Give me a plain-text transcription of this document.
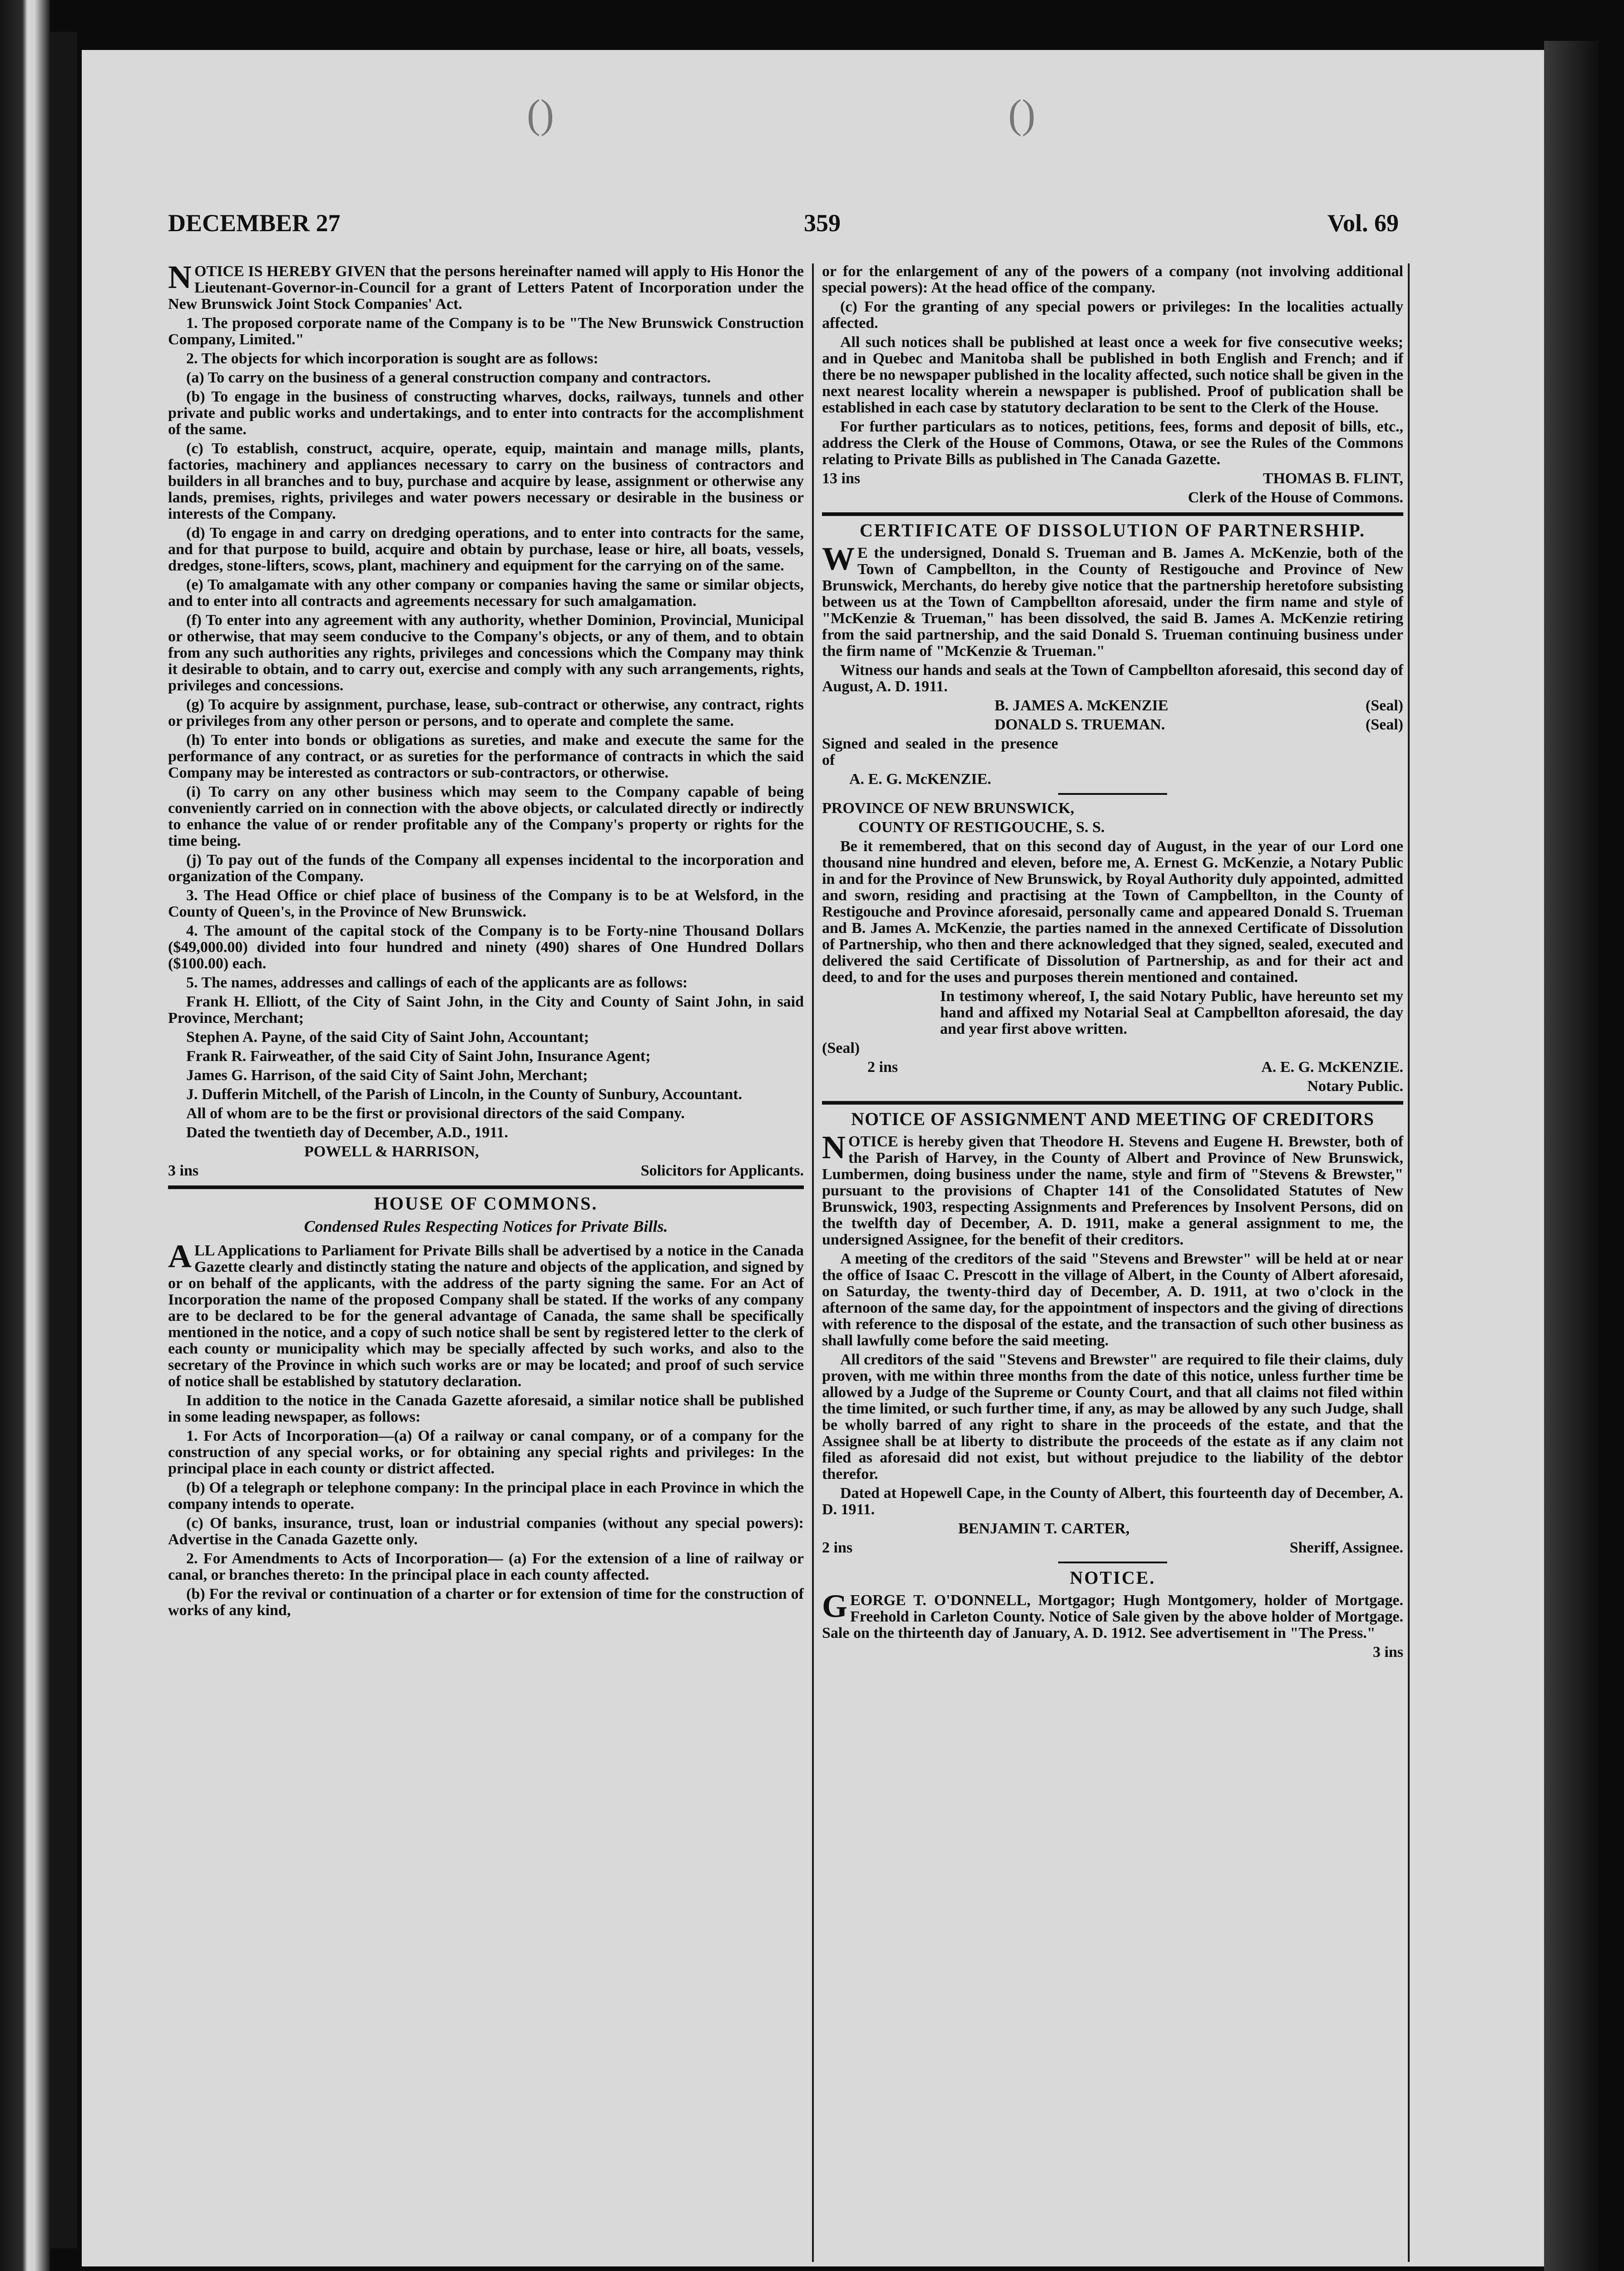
()	()
DECEMBER 27	359	Vol. 69

NOTICE IS HEREBY GIVEN that the persons hereinafter named will apply to His Honor the Lieutenant-Governor-in-Council for a grant of Letters Patent of Incorporation under the New Brunswick Joint Stock Companies' Act.

1. The proposed corporate name of the Company is to be "The New Brunswick Construction Company, Limited."

2. The objects for which incorporation is sought are as follows:

(a) To carry on the business of a general construction company and contractors.

(b) To engage in the business of constructing wharves, docks, railways, tunnels and other private and public works and undertakings, and to enter into contracts for the accomplishment of the same.

(c) To establish, construct, acquire, operate, equip, maintain and manage mills, plants, factories, machinery and appliances necessary to carry on the business of contractors and builders in all branches and to buy, purchase and acquire by lease, assignment or otherwise any lands, premises, rights, privileges and water powers necessary or desirable in the business or interests of the Company.

(d) To engage in and carry on dredging operations, and to enter into contracts for the same, and for that purpose to build, acquire and obtain by purchase, lease or hire, all boats, vessels, dredges, stone-lifters, scows, plant, machinery and equipment for the carrying on of the same.

(e) To amalgamate with any other company or companies having the same or similar objects, and to enter into all contracts and agreements necessary for such amalgamation.

(f) To enter into any agreement with any authority, whether Dominion, Provincial, Municipal or otherwise, that may seem conducive to the Company's objects, or any of them, and to obtain from any such authorities any rights, privileges and concessions which the Company may think it desirable to obtain, and to carry out, exercise and comply with any such arrangements, rights, privileges and concessions.

(g) To acquire by assignment, purchase, lease, sub-contract or otherwise, any contract, rights or privileges from any other person or persons, and to operate and complete the same.

(h) To enter into bonds or obligations as sureties, and make and execute the same for the performance of any contract, or as sureties for the performance of contracts in which the said Company may be interested as contractors or sub-contractors, or otherwise.

(i) To carry on any other business which may seem to the Company capable of being conveniently carried on in connection with the above objects, or calculated directly or indirectly to enhance the value of or render profitable any of the Company's property or rights for the time being.

(j) To pay out of the funds of the Company all expenses incidental to the incorporation and organization of the Company.

3. The Head Office or chief place of business of the Company is to be at Welsford, in the County of Queen's, in the Province of New Brunswick.

4. The amount of the capital stock of the Company is to be Forty-nine Thousand Dollars ($49,000.00) divided into four hundred and ninety (490) shares of One Hundred Dollars ($100.00) each.

5. The names, addresses and callings of each of the applicants are as follows:

Frank H. Elliott, of the City of Saint John, in the City and County of Saint John, in said Province, Merchant;

Stephen A. Payne, of the said City of Saint John, Accountant;

Frank R. Fairweather, of the said City of Saint John, Insurance Agent;

James G. Harrison, of the said City of Saint John, Merchant;

J. Dufferin Mitchell, of the Parish of Lincoln, in the County of Sunbury, Accountant.

All of whom are to be the first or provisional directors of the said Company.

Dated the twentieth day of December, A.D., 1911.

POWELL & HARRISON,

3 ins	Solicitors for Applicants.

HOUSE OF COMMONS.

Condensed Rules Respecting Notices for Private Bills.

ALL Applications to Parliament for Private Bills shall be advertised by a notice in the Canada Gazette clearly and distinctly stating the nature and objects of the application, and signed by or on behalf of the applicants, with the address of the party signing the same. For an Act of Incorporation the name of the proposed Company shall be stated. If the works of any company are to be declared to be for the general advantage of Canada, the same shall be specifically mentioned in the notice, and a copy of such notice shall be sent by registered letter to the clerk of each county or municipality which may be specially affected by such works, and also to the secretary of the Province in which such works are or may be located; and proof of such service of notice shall be established by statutory declaration.

In addition to the notice in the Canada Gazette aforesaid, a similar notice shall be published in some leading newspaper, as follows:

1. For Acts of Incorporation—(a) Of a railway or canal company, or of a company for the construction of any special works, or for obtaining any special rights and privileges: In the principal place in each county or district affected.

(b) Of a telegraph or telephone company: In the principal place in each Province in which the company intends to operate.

(c) Of banks, insurance, trust, loan or industrial companies (without any special powers): Advertise in the Canada Gazette only.

2. For Amendments to Acts of Incorporation— (a) For the extension of a line of railway or canal, or branches thereto: In the principal place in each county affected.

(b) For the revival or continuation of a charter or for extension of time for the construction of works of any kind,

or for the enlargement of any of the powers of a company (not involving additional special powers): At the head office of the company.

(c) For the granting of any special powers or privileges: In the localities actually affected.

All such notices shall be published at least once a week for five consecutive weeks; and in Quebec and Manitoba shall be published in both English and French; and if there be no newspaper published in the locality affected, such notice shall be given in the next nearest locality wherein a newspaper is published. Proof of publication shall be established in each case by statutory declaration to be sent to the Clerk of the House.

For further particulars as to notices, petitions, fees, forms and deposit of bills, etc., address the Clerk of the House of Commons, Otawa, or see the Rules of the Commons relating to Private Bills as published in The Canada Gazette.

13 ins	THOMAS B. FLINT,

Clerk of the House of Commons.

CERTIFICATE OF DISSOLUTION OF PARTNERSHIP.

W E the undersigned, Donald S. Trueman and B. James A. McKenzie, both of the Town of Campbellton, in the County of Restigouche and Province of New Brunswick, Merchants, do hereby give notice that the partnership heretofore subsisting between us at the Town of Campbellton aforesaid, under the firm name and style of "McKenzie & Trueman," has been dissolved, the said B. James A. McKenzie retiring from the said partnership, and the said Donald S. Trueman continuing business under the firm name of "McKenzie & Trueman."

Witness our hands and seals at the Town of Campbellton aforesaid, this second day of August, A. D. 1911.

B. JAMES A. McKENZIE	(Seal)

DONALD S. TRUEMAN.	(Seal)

Signed and sealed in the presence of

A. E. G. McKENZIE.

PROVINCE OF NEW BRUNSWICK,

COUNTY OF RESTIGOUCHE, S. S.

Be it remembered, that on this second day of August, in the year of our Lord one thousand nine hundred and eleven, before me, A. Ernest G. McKenzie, a Notary Public in and for the Province of New Brunswick, by Royal Authority duly appointed, admitted and sworn, residing and practising at the Town of Campbellton, in the County of Restigouche and Province aforesaid, personally came and appeared Donald S. Trueman and B. James A. McKenzie, the parties named in the annexed Certificate of Dissolution of Partnership, who then and there acknowledged that they signed, sealed, executed and delivered the said Certificate of Dissolution of Partnership, as and for their act and deed, to and for the uses and purposes therein mentioned and contained.

In testimony whereof, I, the said Notary Public, have hereunto set my hand and affixed my Notarial Seal at Campbellton aforesaid, the day and year first above written.

(Seal)

2 ins	A. E. G. McKENZIE.

Notary Public.

NOTICE OF ASSIGNMENT AND MEETING OF CREDITORS

NOTICE is hereby given that Theodore H. Stevens and Eugene H. Brewster, both of the Parish of Harvey, in the County of Albert and Province of New Brunswick, Lumbermen, doing business under the name, style and firm of "Stevens & Brewster," pursuant to the provisions of Chapter 141 of the Consolidated Statutes of New Brunswick, 1903, respecting Assignments and Preferences by Insolvent Persons, did on the twelfth day of December, A. D. 1911, make a general assignment to me, the undersigned Assignee, for the benefit of their creditors.

A meeting of the creditors of the said "Stevens and Brewster" will be held at or near the office of Isaac C. Prescott in the village of Albert, in the County of Albert aforesaid, on Saturday, the twenty-third day of December, A. D. 1911, at two o'clock in the afternoon of the same day, for the appointment of inspectors and the giving of directions with reference to the disposal of the estate, and the transaction of such other business as shall lawfully come before the said meeting.

All creditors of the said "Stevens and Brewster" are required to file their claims, duly proven, with me within three months from the date of this notice, unless further time be allowed by a Judge of the Supreme or County Court, and that all claims not filed within the time limited, or such further time, if any, as may be allowed by any such Judge, shall be wholly barred of any right to share in the proceeds of the estate, and that the Assignee shall be at liberty to distribute the proceeds of the estate as if any claim not filed as aforesaid did not exist, but without prejudice to the liability of the debtor therefor.

Dated at Hopewell Cape, in the County of Albert, this fourteenth day of December, A. D. 1911.

BENJAMIN T. CARTER,

2 ins	Sheriff, Assignee.

NOTICE.

GEORGE T. O'DONNELL, Mortgagor; Hugh Montgomery, holder of Mortgage. Freehold in Carleton County. Notice of Sale given by the above holder of Mortgage. Sale on the thirteenth day of January, A. D. 1912. See advertisement in "The Press."

3 ins
